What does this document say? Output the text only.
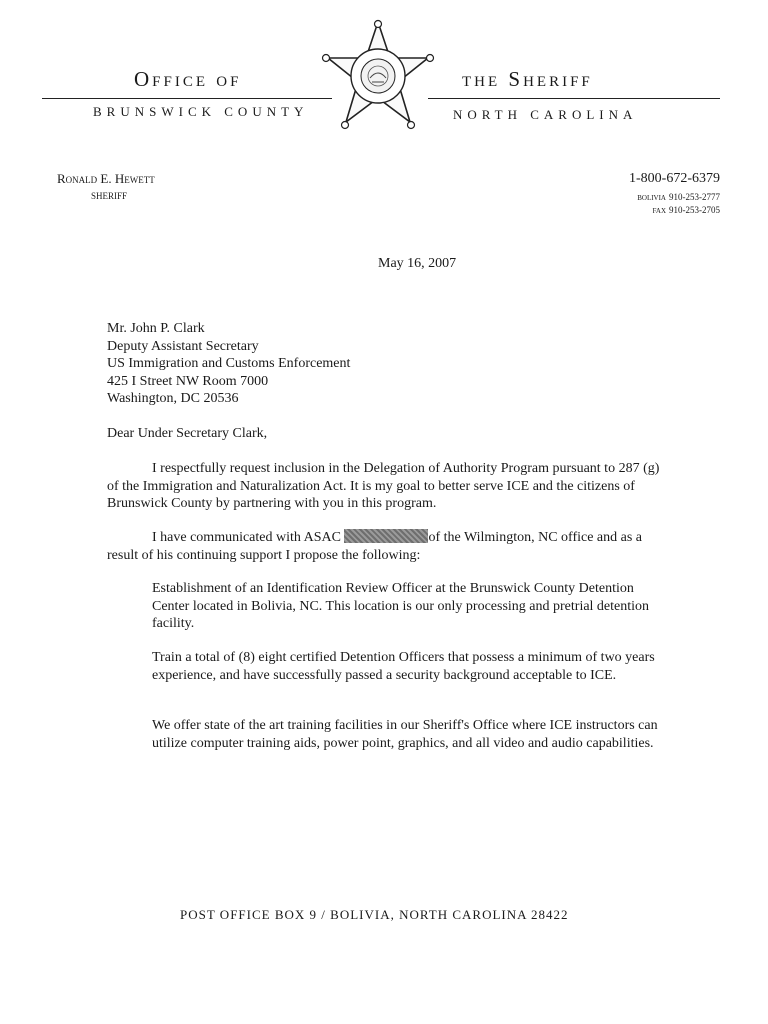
Office of	the Sheriff
BRUNSWICK COUNTY	NORTH CAROLINA
Ronald E. Hewett
SHERIFF
1-800-672-6379
BOLIVIA 910-253-2777
FAX 910-253-2705
May 16, 2007
Mr. John P. Clark
Deputy Assistant Secretary
US Immigration and Customs Enforcement
425 I Street NW Room 7000
Washington, DC 20536
Dear Under Secretary Clark,
I respectfully request inclusion in the Delegation of Authority Program pursuant to 287 (g) of the Immigration and Naturalization Act. It is my goal to better serve ICE and the citizens of Brunswick County by partnering with you in this program.
I have communicated with ASAC	of the Wilmington, NC office and as a result of his continuing support I propose the following:
Establishment of an Identification Review Officer at the Brunswick County Detention Center located in Bolivia, NC. This location is our only processing and pretrial detention facility.
Train a total of (8) eight certified Detention Officers that possess a minimum of two years experience, and have successfully passed a security background acceptable to ICE.
We offer state of the art training facilities in our Sheriff's Office where ICE instructors can utilize computer training aids, power point, graphics, and all video and audio capabilities.
POST OFFICE BOX 9 / BOLIVIA, NORTH CAROLINA 28422
